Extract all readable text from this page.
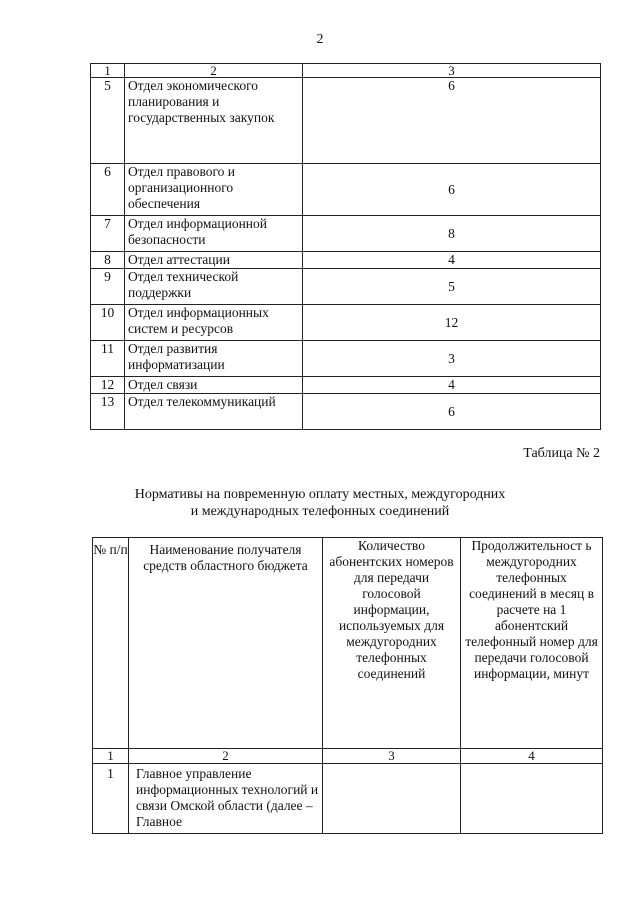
2
1	2	3
5	Отдел экономического планирования и государственных закупок	6
6	Отдел правового и организационного обеспечения	6
7	Отдел информационной безопасности	8
8	Отдел аттестации	4
9	Отдел технической поддержки	5
10	Отдел информационных систем и ресурсов	12
11	Отдел развития информатизации	3
12	Отдел связи	4
13	Отдел телекоммуникаций	6
Таблица № 2
Нормативы на повременную оплату местных, междугородних
и международных телефонных соединений
№ п/п	Наименование получателя средств областного бюджета	Количество абонентских номеров для передачи голосовой информации, используемых для междугородних телефонных соединений	Продолжительност ь междугородних телефонных соединений в месяц в расчете на 1 абонентский телефонный номер для передачи голосовой информации, минут
1	2	3	4
1	Главное управление информационных технологий и связи Омской области (далее – Главное		
